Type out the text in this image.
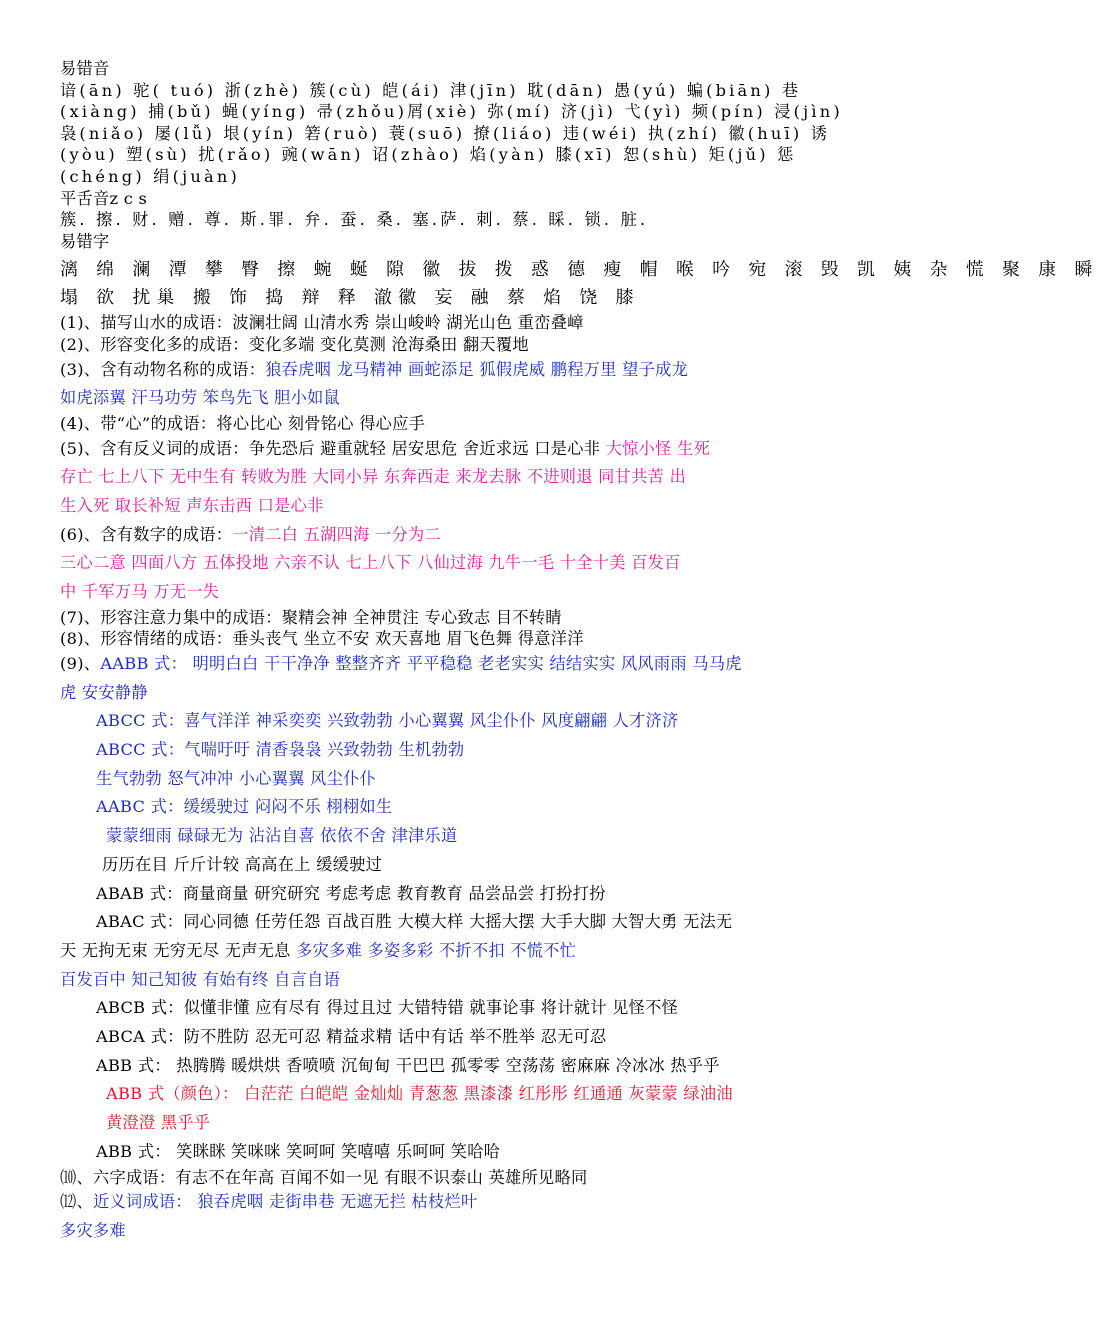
易错音
谙(ān) 驼( tuó) 浙(zhè) 簇(cù) 皑(ái) 津(jīn) 耽(dān) 愚(yú) 蝙(biān) 巷
(xiàng) 捕(bǔ) 蝇(yíng) 帚(zhǒu)屑(xiè) 弥(mí) 济(jì) 弋(yì) 频(pín) 浸(jìn)
袅(niǎo) 屡(lǚ) 垠(yín) 箬(ruò) 蓑(suō) 撩(liáo) 违(wéi) 执(zhí) 徽(huī) 诱
(yòu) 塑(sù) 扰(rǎo) 豌(wān) 诏(zhào) 焰(yàn) 膝(xī) 恕(shù) 矩(jǔ) 惩
(chéng) 绢(juàn)
平舌音z c s
簇. 擦. 财. 赠. 尊. 斯.罪. 弁. 蚕. 桑. 塞.萨. 刺. 蔡. 睬. 锁. 脏.
易错字
漓 绵 澜 潭 攀 臀 擦 蜿 蜒 隙 徽 拔 拨 惑 德 瘦 帽 喉 吟 宛 滚 毁 凯 姨 杂 慌 聚 康 瞬
塌 欲 扰巢 搬 饰 捣 辩 释 澈徽 妄 融 蔡 焰 饶 膝
(1)、描写山水的成语：波澜壮阔 山清水秀 崇山峻岭 湖光山色 重峦叠嶂
(2)、形容变化多的成语：变化多端 变化莫测 沧海桑田 翻天覆地
(3)、含有动物名称的成语：狼吞虎咽 龙马精神 画蛇添足 狐假虎威 鹏程万里 望子成龙
如虎添翼 汗马功劳 笨鸟先飞 胆小如鼠
(4)、带“心”的成语：将心比心 刻骨铭心 得心应手
(5)、含有反义词的成语：争先恐后 避重就轻 居安思危 舍近求远 口是心非 大惊小怪 生死
存亡 七上八下 无中生有 转败为胜 大同小异 东奔西走 来龙去脉 不进则退 同甘共苦 出
生入死 取长补短 声东击西 口是心非
(6)、含有数字的成语：一清二白 五湖四海 一分为二
三心二意 四面八方 五体投地 六亲不认 七上八下 八仙过海 九牛一毛 十全十美 百发百
中 千军万马 万无一失
(7)、形容注意力集中的成语：聚精会神 全神贯注 专心致志 目不转睛
(8)、形容情绪的成语：垂头丧气 坐立不安 欢天喜地 眉飞色舞 得意洋洋
(9)、AABB 式： 明明白白 干干净净 整整齐齐 平平稳稳 老老实实 结结实实 风风雨雨 马马虎
虎 安安静静
ABCC 式：喜气洋洋 神采奕奕 兴致勃勃 小心翼翼 风尘仆仆 风度翩翩 人才济济
ABCC 式：气喘吁吁 清香袅袅 兴致勃勃 生机勃勃
生气勃勃 怒气冲冲 小心翼翼 风尘仆仆
AABC 式：缓缓驶过 闷闷不乐 栩栩如生
蒙蒙细雨 碌碌无为 沾沾自喜 依依不舍 津津乐道
历历在目 斤斤计较 高高在上 缓缓驶过
ABAB 式：商量商量 研究研究 考虑考虑 教育教育 品尝品尝 打扮打扮
ABAC 式：同心同德 任劳任怨 百战百胜 大模大样 大摇大摆 大手大脚 大智大勇 无法无
天 无拘无束 无穷无尽 无声无息 多灾多难 多姿多彩 不折不扣 不慌不忙
百发百中 知己知彼 有始有终 自言自语
ABCB 式：似懂非懂 应有尽有 得过且过 大错特错 就事论事 将计就计 见怪不怪
ABCA 式：防不胜防 忍无可忍 精益求精 话中有话 举不胜举 忍无可忍
ABB 式： 热腾腾 暖烘烘 香喷喷 沉甸甸 干巴巴 孤零零 空荡荡 密麻麻 冷冰冰 热乎乎
ABB 式（颜色）： 白茫茫 白皑皑 金灿灿 青葱葱 黑漆漆 红彤彤 红通通 灰蒙蒙 绿油油
黄澄澄 黑乎乎
ABB 式： 笑眯眯 笑咪咪 笑呵呵 笑嘻嘻 乐呵呵 笑哈哈
⑽、六字成语：有志不在年高 百闻不如一见 有眼不识泰山 英雄所见略同
⑿、近义词成语： 狼吞虎咽 走街串巷 无遮无拦 枯枝烂叶
多灾多难
